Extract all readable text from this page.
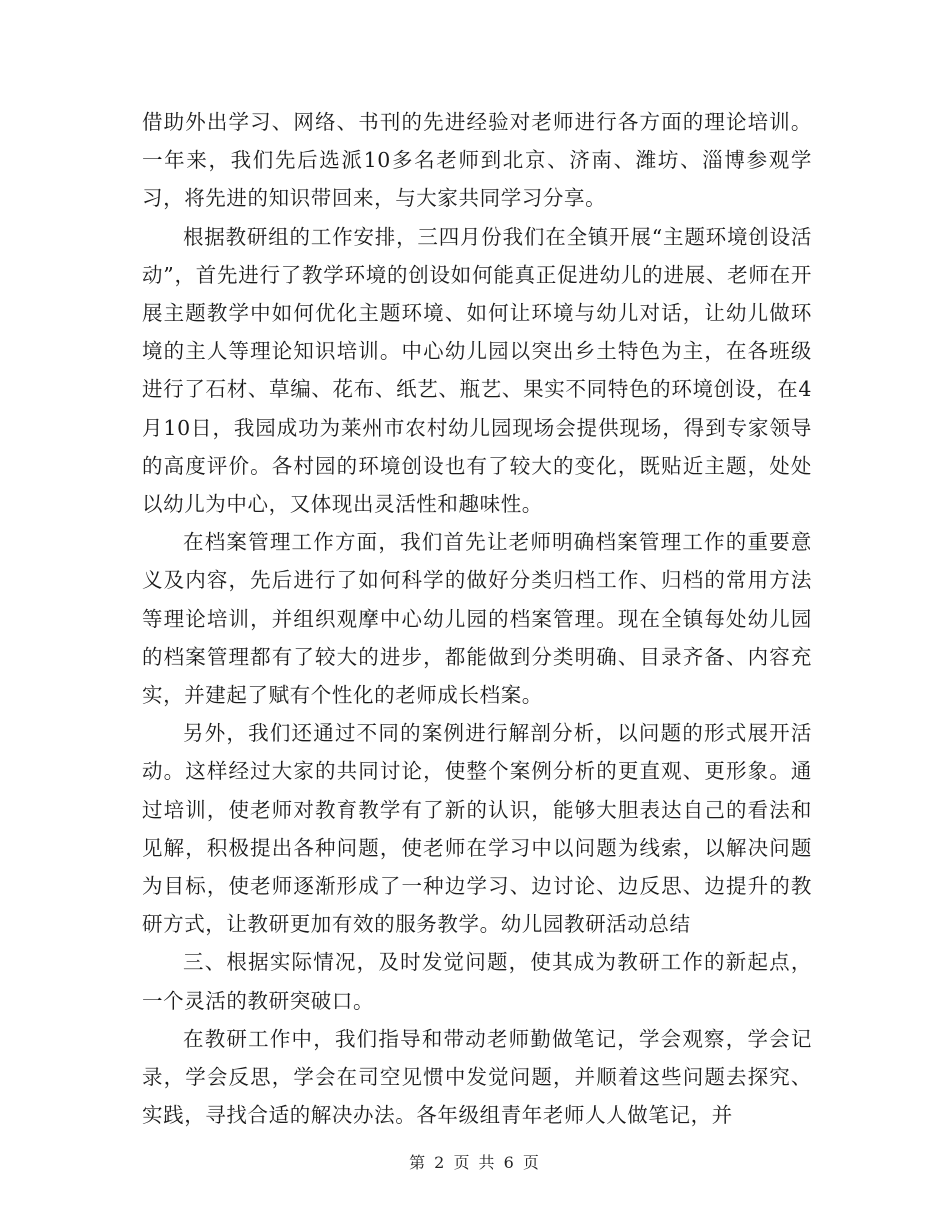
借助外出学习、网络、书刊的先进经验对老师进行各方面的理论培训。一年来，我们先后选派10多名老师到北京、济南、潍坊、淄博参观学习，将先进的知识带回来，与大家共同学习分享。

根据教研组的工作安排，三四月份我们在全镇开展“主题环境创设活动”，首先进行了教学环境的创设如何能真正促进幼儿的进展、老师在开展主题教学中如何优化主题环境、如何让环境与幼儿对话，让幼儿做环境的主人等理论知识培训。中心幼儿园以突出乡土特色为主，在各班级进行了石材、草编、花布、纸艺、瓶艺、果实不同特色的环境创设，在4月10日，我园成功为莱州市农村幼儿园现场会提供现场，得到专家领导的高度评价。各村园的环境创设也有了较大的变化，既贴近主题，处处以幼儿为中心，又体现出灵活性和趣味性。

在档案管理工作方面，我们首先让老师明确档案管理工作的重要意义及内容，先后进行了如何科学的做好分类归档工作、归档的常用方法等理论培训，并组织观摩中心幼儿园的档案管理。现在全镇每处幼儿园的档案管理都有了较大的进步，都能做到分类明确、目录齐备、内容充实，并建起了赋有个性化的老师成长档案。

另外，我们还通过不同的案例进行解剖分析，以问题的形式展开活动。这样经过大家的共同讨论，使整个案例分析的更直观、更形象。通过培训，使老师对教育教学有了新的认识，能够大胆表达自己的看法和见解，积极提出各种问题，使老师在学习中以问题为线索，以解决问题为目标，使老师逐渐形成了一种边学习、边讨论、边反思、边提升的教研方式，让教研更加有效的服务教学。幼儿园教研活动总结

三、根据实际情况，及时发觉问题，使其成为教研工作的新起点，一个灵活的教研突破口。

在教研工作中，我们指导和带动老师勤做笔记，学会观察，学会记录，学会反思，学会在司空见惯中发觉问题，并顺着这些问题去探究、实践，寻找合适的解决办法。各年级组青年老师人人做笔记，并

第 2 页 共 6 页
